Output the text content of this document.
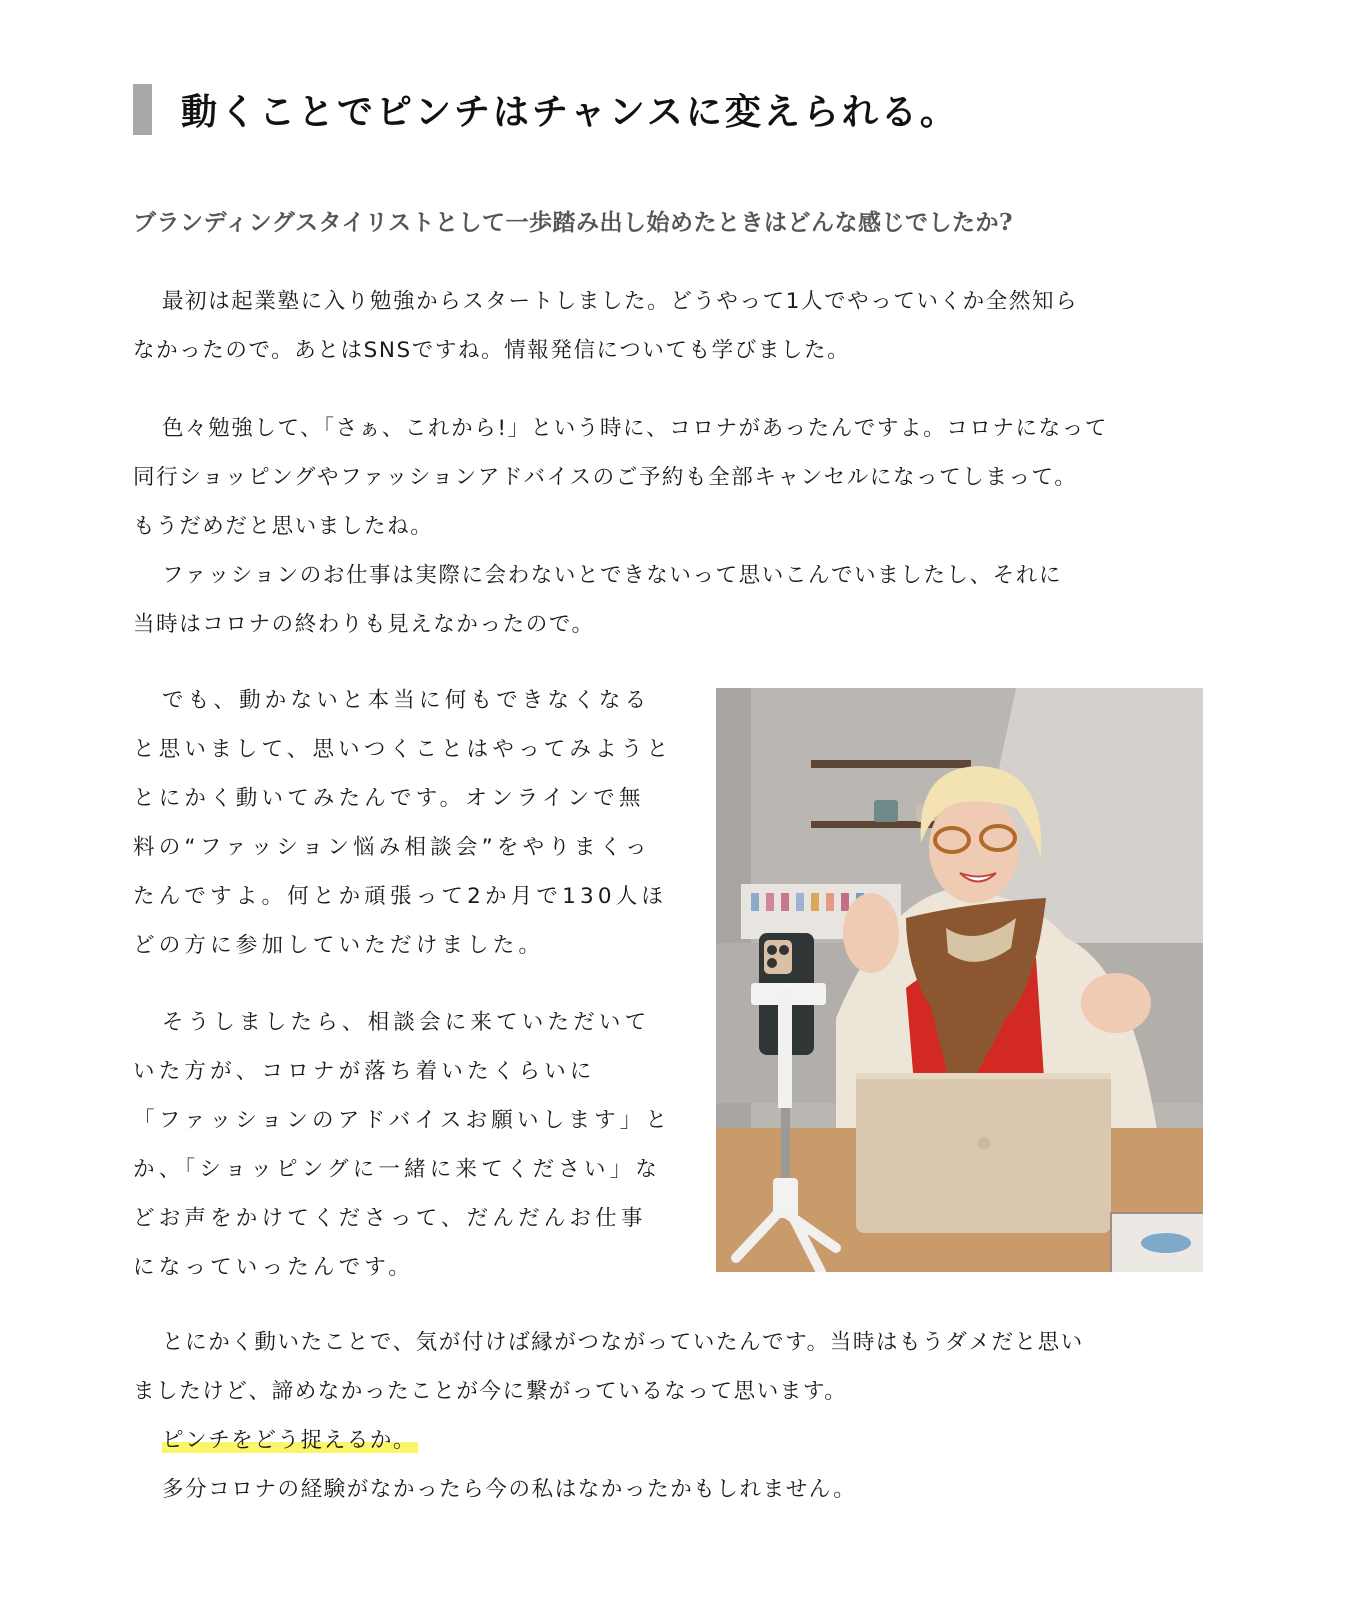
動くことでピンチはチャンスに変えられる。
ブランディングスタイリストとして一歩踏み出し始めたときはどんな感じでしたか?
最初は起業塾に入り勉強からスタートしました。どうやって1人でやっていくか全然知ら
なかったので。あとはSNSですね。情報発信についても学びました。
色々勉強して、「さぁ、これから!」という時に、コロナがあったんですよ。コロナになって
同行ショッピングやファッションアドバイスのご予約も全部キャンセルになってしまって。
もうだめだと思いましたね。
ファッションのお仕事は実際に会わないとできないって思いこんでいましたし、それに
当時はコロナの終わりも見えなかったので。
でも、動かないと本当に何もできなくなる
と思いまして、思いつくことはやってみようと
とにかく動いてみたんです。オンラインで無
料の“ファッション悩み相談会”をやりまくっ
たんですよ。何とか頑張って2か月で130人ほ
どの方に参加していただけました。
そうしましたら、相談会に来ていただいて
いた方が、コロナが落ち着いたくらいに
「ファッションのアドバイスお願いします」と
か、「ショッピングに一緒に来てください」な
どお声をかけてくださって、だんだんお仕事
になっていったんです。
とにかく動いたことで、気が付けば縁がつながっていたんです。当時はもうダメだと思い
ましたけど、諦めなかったことが今に繋がっているなって思います。
ピンチをどう捉えるか。
多分コロナの経験がなかったら今の私はなかったかもしれません。
